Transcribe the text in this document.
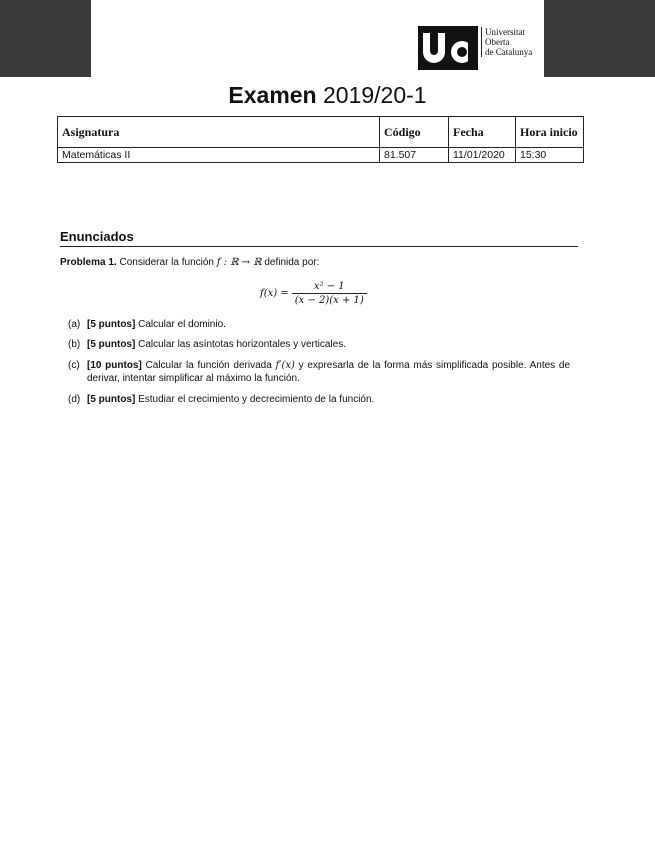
Universitat
Oberta
de Catalunya
Examen 2019/20-1
Asignatura	Código	Fecha	Hora inicio
Matemáticas II	81.507	11/01/2020	15:30
Enunciados
Problema 1. Considerar la función f : ℝ → ℝ definida por:
$f(x) = \frac{\text{x² − 1}}{(x - 2)(x + 1)}$
(a) [5 puntos] Calcular el dominio.
(b) [5 puntos] Calcular las asíntotas horizontales y verticales.
(c) [10 puntos] Calcular la función derivada f′(x) y expresarla de la forma más simplificada posible. Antes de derivar, intentar simplificar al máximo la función.
(d) [5 puntos] Estudiar el crecimiento y decrecimiento de la función.
